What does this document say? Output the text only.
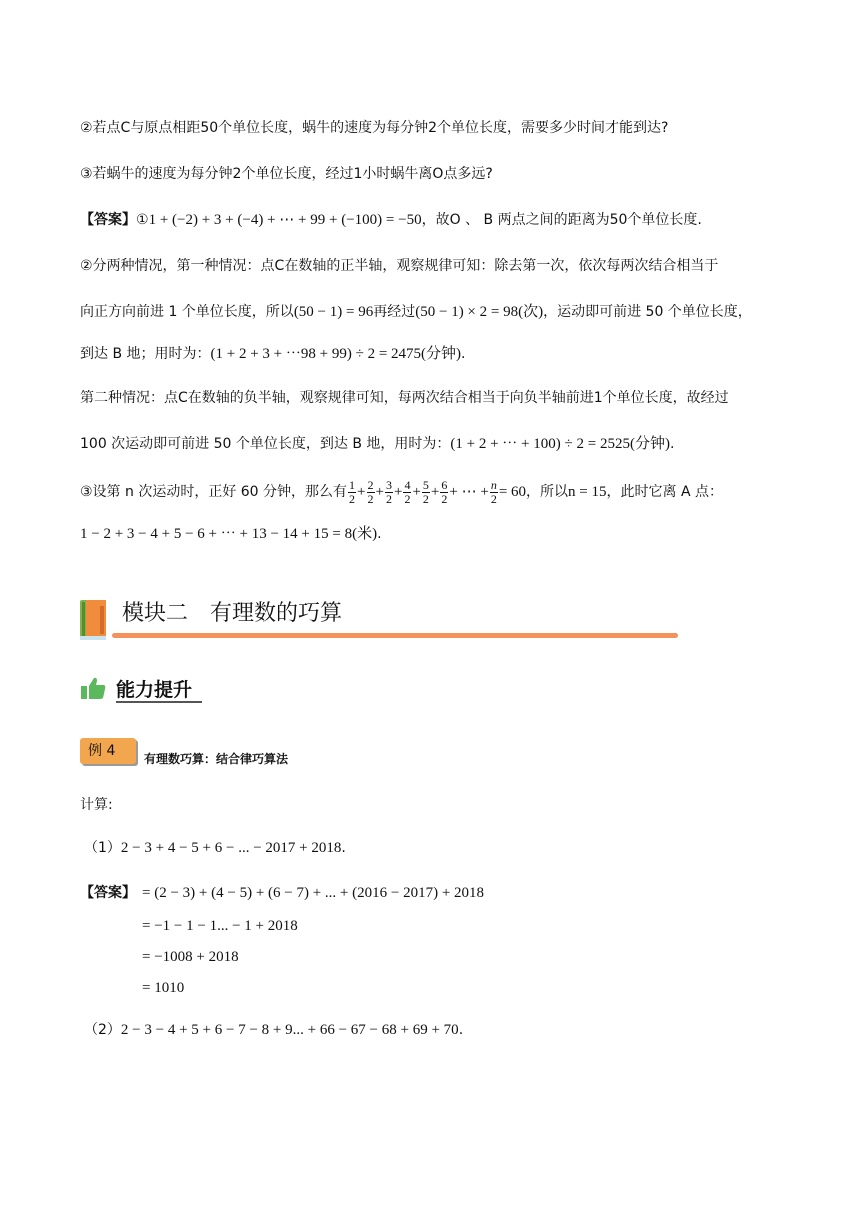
②若点C与原点相距50个单位长度，蜗牛的速度为每分钟2个单位长度，需要多少时间才能到达?
③若蜗牛的速度为每分钟2个单位长度，经过1小时蜗牛离O点多远?
【答案】①1 + (−2) + 3 + (−4) + ⋯ + 99 + (−100) = −50，故O 、 B 两点之间的距离为50个单位长度.
②分两种情况，第一种情况：点C在数轴的正半轴，观察规律可知：除去第一次，依次每两次结合相当于
向正方向前进 1 个单位长度，所以(50 − 1) = 96再经过(50 − 1) × 2 = 98(次)，运动即可前进 50 个单位长度，
到达 B 地；用时为：(1 + 2 + 3 + ⋯98 + 99) ÷ 2 = 2475(分钟).
第二种情况：点C在数轴的负半轴，观察规律可知，每两次结合相当于向负半轴前进1个单位长度，故经过
100 次运动即可前进 50 个单位长度，到达 B 地，用时为：(1 + 2 + ⋯ + 100) ÷ 2 = 2525(分钟).
③设第 n 次运动时，正好 60 分钟，那么有 $\frac{1}{2} + \frac{2}{2} + \frac{3}{2} + \frac{4}{2} + \frac{5}{2} + \frac{6}{2}$ + ⋯ + $\frac{n}{2} = 60$，所以n = 15，此时它离 A 点：
1 − 2 + 3 − 4 + 5 − 6 + ⋯ + 13 − 14 + 15 = 8(米).
模块二　有理数的巧算
能力提升
例 4	有理数巧算：结合律巧算法
计算:
（1）2 − 3 + 4 − 5 + 6 − ... − 2017 + 2018.
【答案】 = (2 − 3) + (4 − 5) + (6 − 7) + ... + (2016 − 2017) + 2018
= −1 − 1 − 1... − 1 + 2018
= −1008 + 2018
= 1010
（2）2 − 3 − 4 + 5 + 6 − 7 − 8 + 9... + 66 − 67 − 68 + 69 + 70.
